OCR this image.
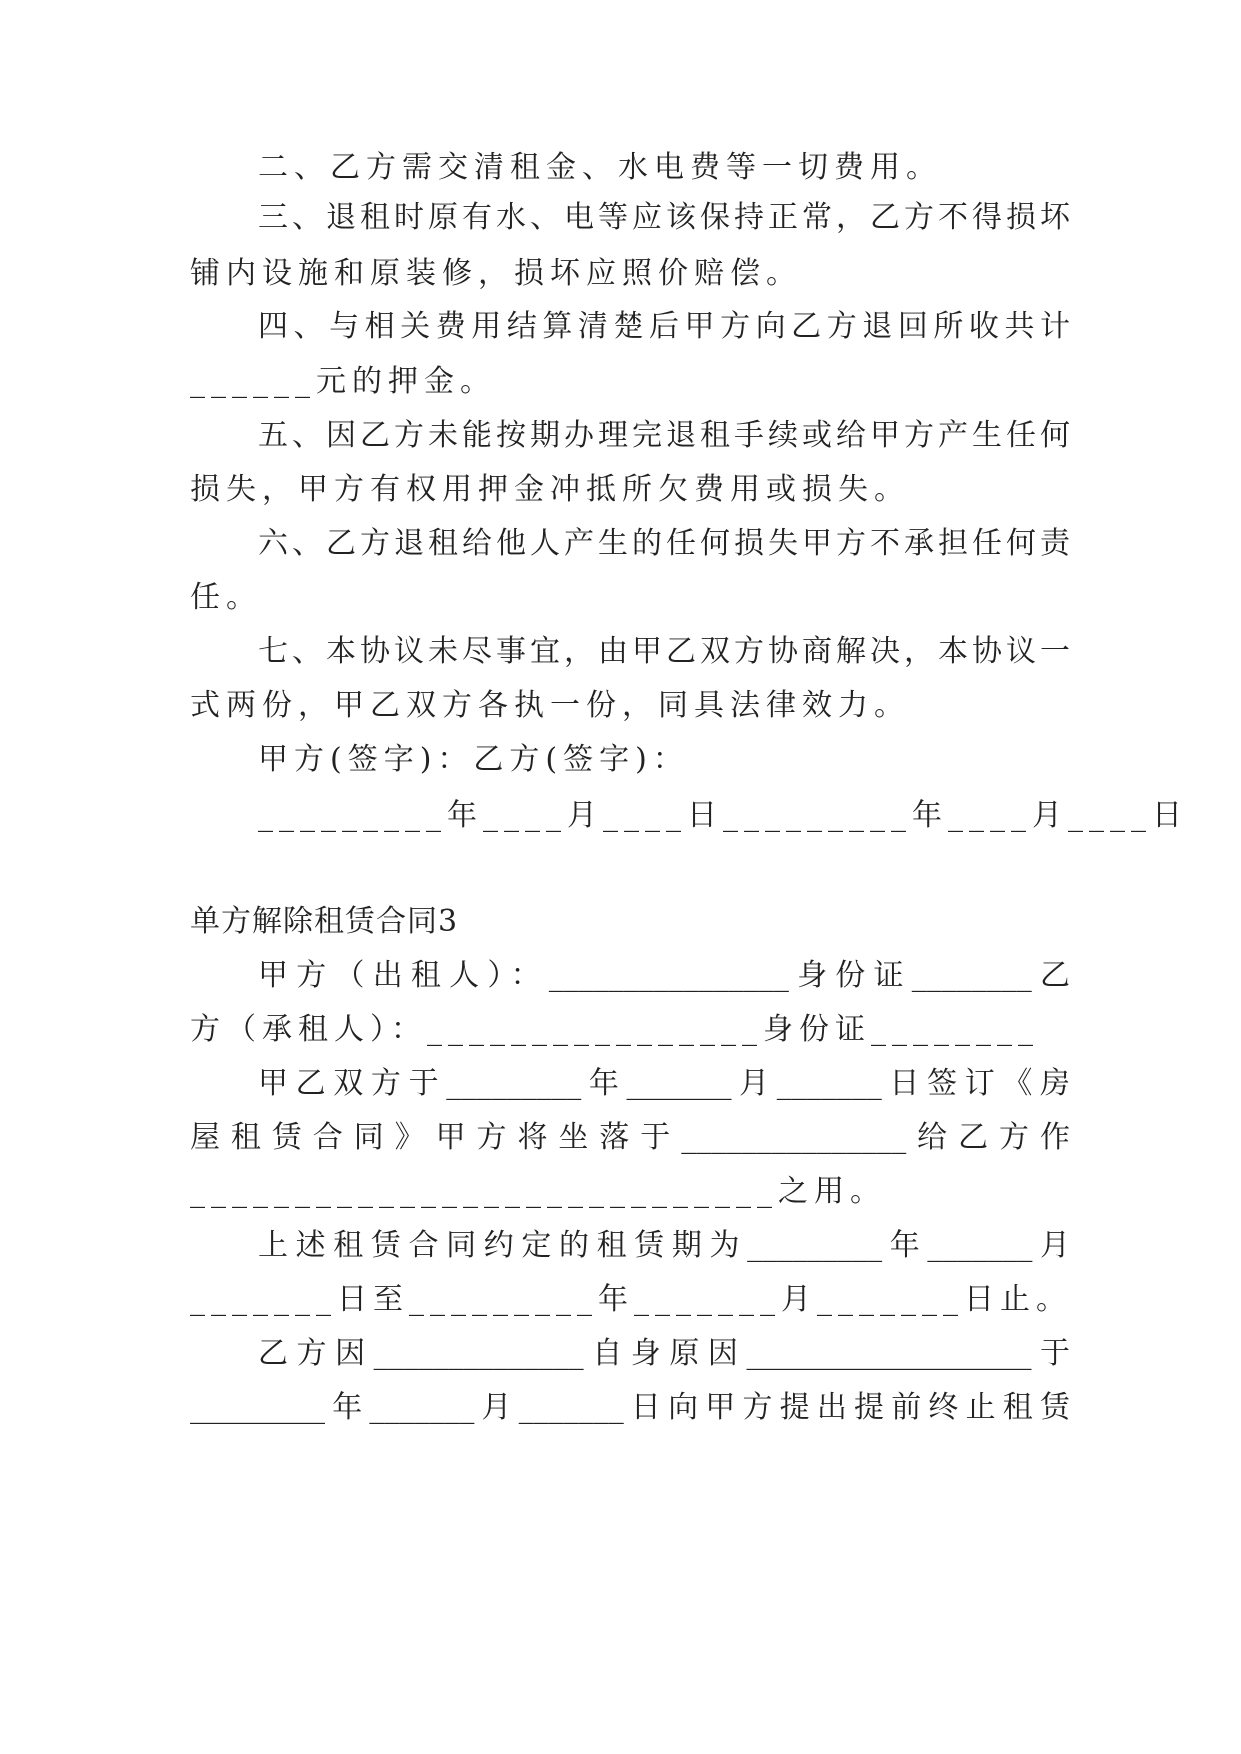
二、乙方需交清租金、水电费等一切费用。
三、退租时原有水、电等应该保持正常，乙方不得损坏
铺内设施和原装修，损坏应照价赔偿。
四、与相关费用结算清楚后甲方向乙方退回所收共计
______元的押金。
五、因乙方未能按期办理完退租手续或给甲方产生任何
损失，甲方有权用押金冲抵所欠费用或损失。
六、乙方退租给他人产生的任何损失甲方不承担任何责
任。
七、本协议未尽事宜，由甲乙双方协商解决，本协议一
式两份，甲乙双方各执一份，同具法律效力。
甲方(签字)：乙方(签字)：
_________年____月____日_________年____月____日
单方解除租赁合同3
甲方（出租人）：________________身份证________乙
方（承租人）：________________身份证________
甲乙双方于_________年_______月_______日签订《房
屋租赁合同》甲方将坐落于_______________给乙方作
____________________________之用。
上述租赁合同约定的租赁期为_________年_______月
_______日至_________年_______月_______日止。
乙方因______________自身原因___________________于
_________年_______月_______日向甲方提出提前终止租赁
